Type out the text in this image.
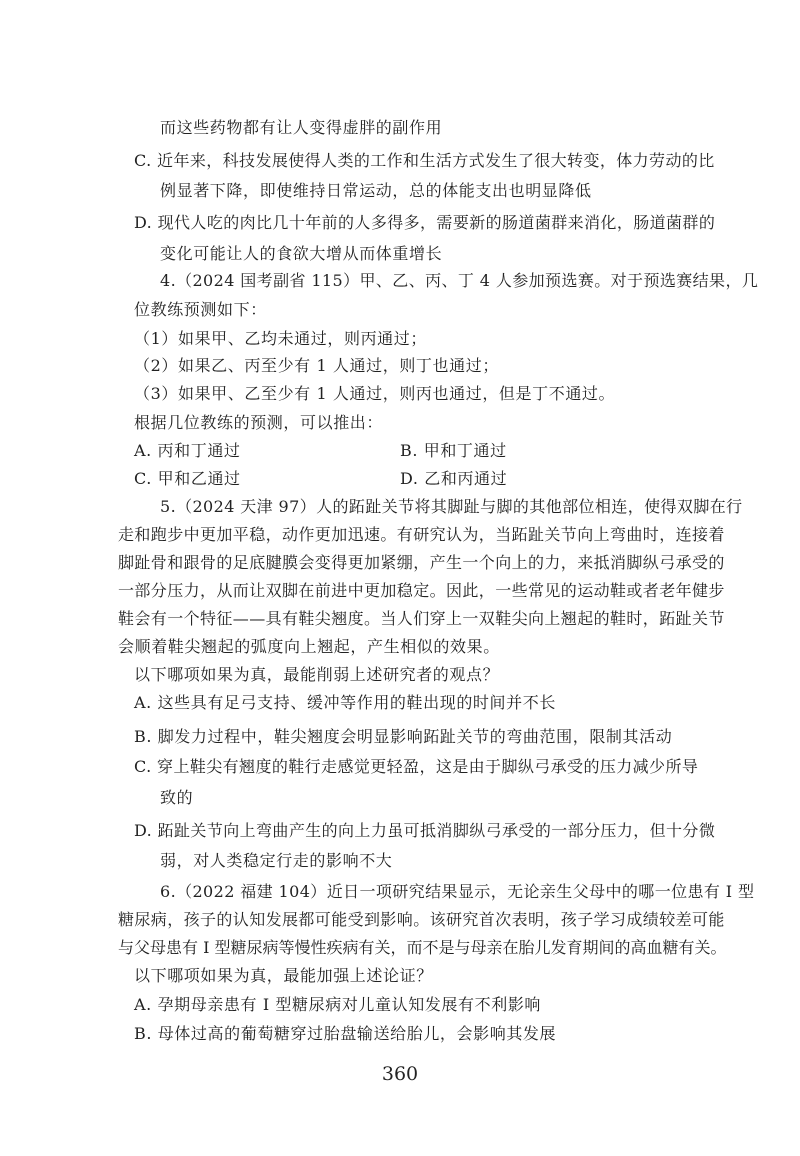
而这些药物都有让人变得虚胖的副作用
C. 近年来，科技发展使得人类的工作和生活方式发生了很大转变，体力劳动的比
例显著下降，即使维持日常运动，总的体能支出也明显降低
D. 现代人吃的肉比几十年前的人多得多，需要新的肠道菌群来消化，肠道菌群的
变化可能让人的食欲大增从而体重增长
4.（2024 国考副省 115）甲、乙、丙、丁 4 人参加预选赛。对于预选赛结果，几
位教练预测如下：
（1）如果甲、乙均未通过，则丙通过；
（2）如果乙、丙至少有 1 人通过，则丁也通过；
（3）如果甲、乙至少有 1 人通过，则丙也通过，但是丁不通过。
根据几位教练的预测，可以推出：
A. 丙和丁通过	B. 甲和丁通过
C. 甲和乙通过	D. 乙和丙通过
5.（2024 天津 97）人的跖趾关节将其脚趾与脚的其他部位相连，使得双脚在行
走和跑步中更加平稳，动作更加迅速。有研究认为，当跖趾关节向上弯曲时，连接着
脚趾骨和跟骨的足底腱膜会变得更加紧绷，产生一个向上的力，来抵消脚纵弓承受的
一部分压力，从而让双脚在前进中更加稳定。因此，一些常见的运动鞋或者老年健步
鞋会有一个特征——具有鞋尖翘度。当人们穿上一双鞋尖向上翘起的鞋时，跖趾关节
会顺着鞋尖翘起的弧度向上翘起，产生相似的效果。
以下哪项如果为真，最能削弱上述研究者的观点？
A. 这些具有足弓支持、缓冲等作用的鞋出现的时间并不长
B. 脚发力过程中，鞋尖翘度会明显影响跖趾关节的弯曲范围，限制其活动
C. 穿上鞋尖有翘度的鞋行走感觉更轻盈，这是由于脚纵弓承受的压力减少所导
致的
D. 跖趾关节向上弯曲产生的向上力虽可抵消脚纵弓承受的一部分压力，但十分微
弱，对人类稳定行走的影响不大
6.（2022 福建 104）近日一项研究结果显示，无论亲生父母中的哪一位患有 I 型
糖尿病，孩子的认知发展都可能受到影响。该研究首次表明，孩子学习成绩较差可能
与父母患有 I 型糖尿病等慢性疾病有关，而不是与母亲在胎儿发育期间的高血糖有关。
以下哪项如果为真，最能加强上述论证？
A. 孕期母亲患有 I 型糖尿病对儿童认知发展有不利影响
B. 母体过高的葡萄糖穿过胎盘输送给胎儿，会影响其发展
360
